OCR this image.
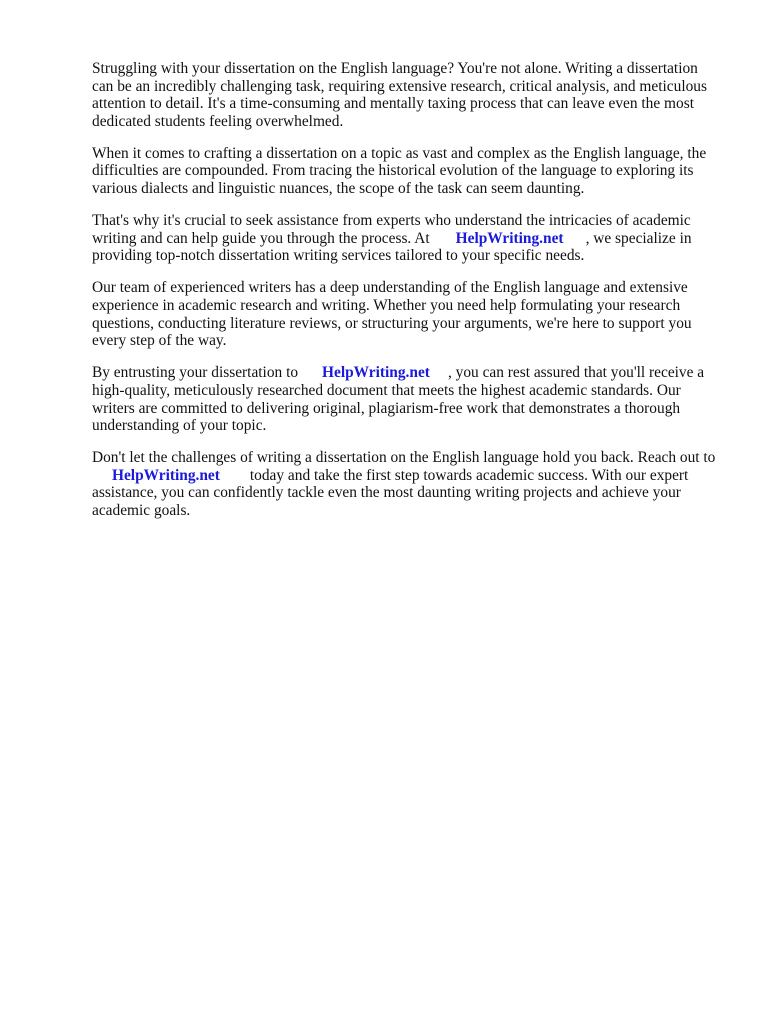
Struggling with your dissertation on the English language? You're not alone. Writing a dissertation
can be an incredibly challenging task, requiring extensive research, critical analysis, and meticulous
attention to detail. It's a time-consuming and mentally taxing process that can leave even the most
dedicated students feeling overwhelmed.

When it comes to crafting a dissertation on a topic as vast and complex as the English language, the
difficulties are compounded. From tracing the historical evolution of the language to exploring its
various dialects and linguistic nuances, the scope of the task can seem daunting.

That's why it's crucial to seek assistance from experts who understand the intricacies of academic
writing and can help guide you through the process. At HelpWriting.net , we specialize in
providing top-notch dissertation writing services tailored to your specific needs.

Our team of experienced writers has a deep understanding of the English language and extensive
experience in academic research and writing. Whether you need help formulating your research
questions, conducting literature reviews, or structuring your arguments, we're here to support you
every step of the way.

By entrusting your dissertation to HelpWriting.net , you can rest assured that you'll receive a
high-quality, meticulously researched document that meets the highest academic standards. Our
writers are committed to delivering original, plagiarism-free work that demonstrates a thorough
understanding of your topic.

Don't let the challenges of writing a dissertation on the English language hold you back. Reach out to
HelpWriting.net today and take the first step towards academic success. With our expert
assistance, you can confidently tackle even the most daunting writing projects and achieve your
academic goals.
